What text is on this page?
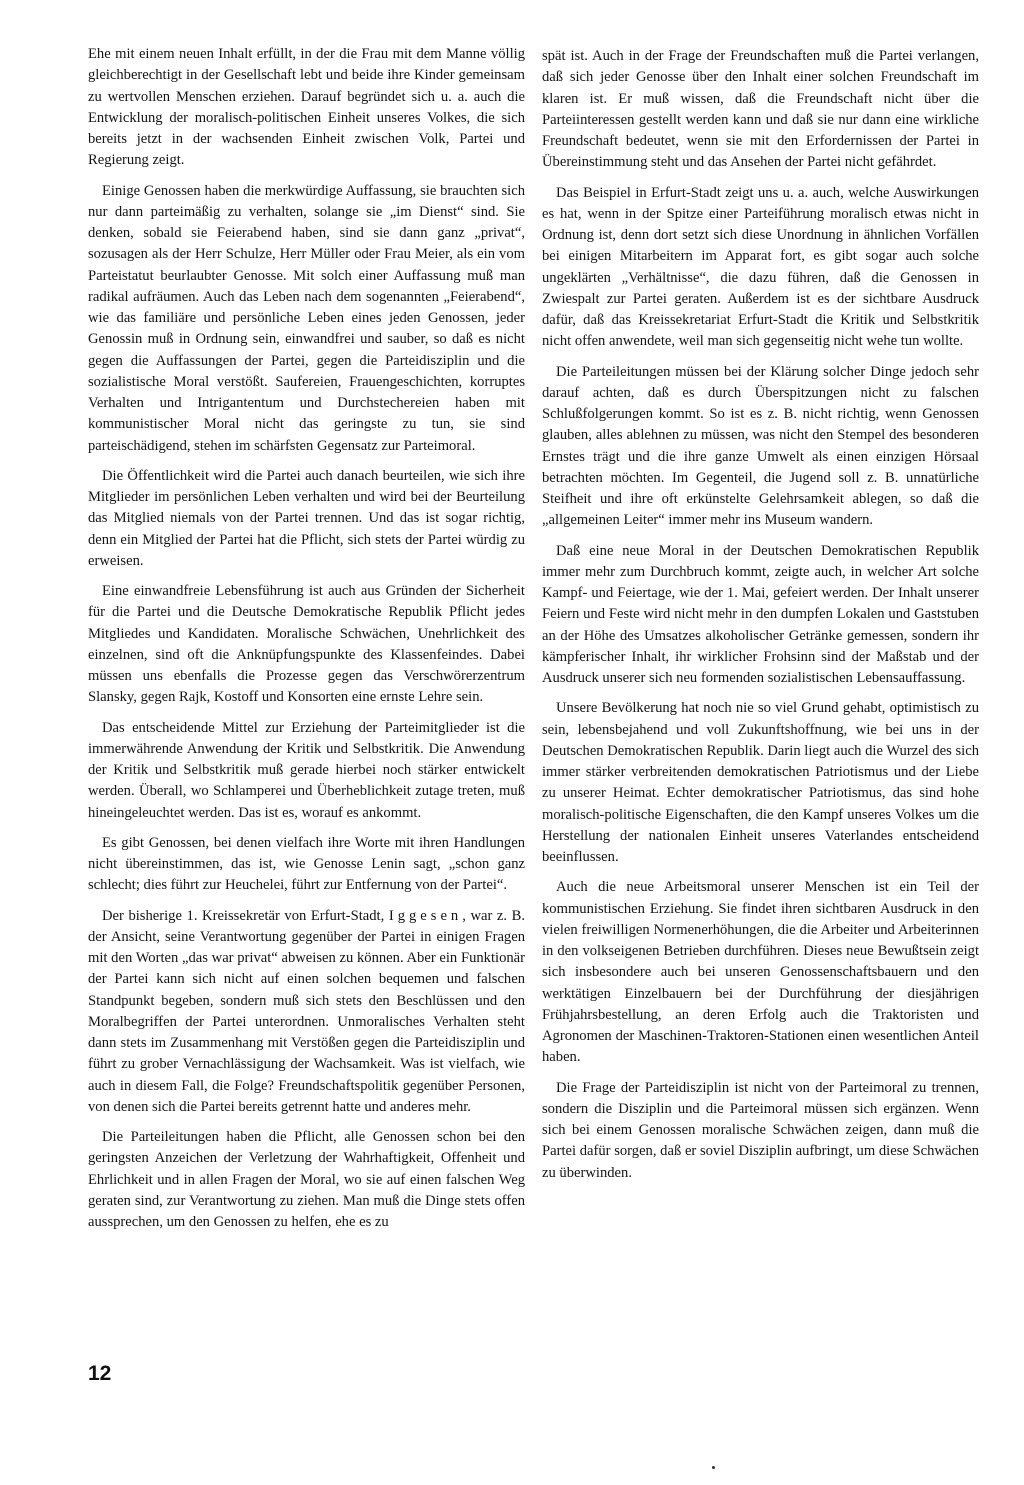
Ehe mit einem neuen Inhalt erfüllt, in der die Frau mit dem Manne völlig gleichberechtigt in der Gesellschaft lebt und beide ihre Kinder gemeinsam zu wertvollen Menschen erziehen. Darauf begründet sich u. a. auch die Entwicklung der moralisch-politischen Einheit unseres Volkes, die sich bereits jetzt in der wachsenden Einheit zwischen Volk, Partei und Regierung zeigt.

Einige Genossen haben die merkwürdige Auffassung, sie brauchten sich nur dann parteimäßig zu verhalten, solange sie „im Dienst“ sind. Sie denken, sobald sie Feierabend haben, sind sie dann ganz „privat“, sozusagen als der Herr Schulze, Herr Müller oder Frau Meier, als ein vom Parteistatut beurlaubter Genosse. Mit solch einer Auffassung muß man radikal aufräumen. Auch das Leben nach dem sogenannten „Feierabend“, wie das familiäre und persönliche Leben eines jeden Genossen, jeder Genossin muß in Ordnung sein, einwandfrei und sauber, so daß es nicht gegen die Auffassungen der Partei, gegen die Parteidisziplin und die sozialistische Moral verstößt. Saufereien, Frauengeschichten, korruptes Verhalten und Intrigantentum und Durchstechereien haben mit kommunistischer Moral nicht das geringste zu tun, sie sind parteischädigend, stehen im schärfsten Gegensatz zur Parteimoral.

Die Öffentlichkeit wird die Partei auch danach beurteilen, wie sich ihre Mitglieder im persönlichen Leben verhalten und wird bei der Beurteilung das Mitglied niemals von der Partei trennen. Und das ist sogar richtig, denn ein Mitglied der Partei hat die Pflicht, sich stets der Partei würdig zu erweisen.

Eine einwandfreie Lebensführung ist auch aus Gründen der Sicherheit für die Partei und die Deutsche Demokratische Republik Pflicht jedes Mitgliedes und Kandidaten. Moralische Schwächen, Unehrlichkeit des einzelnen, sind oft die Anknüpfungspunkte des Klassenfeindes. Dabei müssen uns ebenfalls die Prozesse gegen das Verschwörerzentrum Slansky, gegen Rajk, Kostoff und Konsorten eine ernste Lehre sein.

Das entscheidende Mittel zur Erziehung der Parteimitglieder ist die immerwährende Anwendung der Kritik und Selbstkritik. Die Anwendung der Kritik und Selbstkritik muß gerade hierbei noch stärker entwickelt werden. Überall, wo Schlamperei und Überheblichkeit zutage treten, muß hineingeleuchtet werden. Das ist es, worauf es ankommt.

Es gibt Genossen, bei denen vielfach ihre Worte mit ihren Handlungen nicht übereinstimmen, das ist, wie Genosse Lenin sagt, „schon ganz schlecht; dies führt zur Heuchelei, führt zur Entfernung von der Partei“.

Der bisherige 1. Kreissekretär von Erfurt-Stadt, Iggesen, war z. B. der Ansicht, seine Verantwortung gegenüber der Partei in einigen Fragen mit den Worten „das war privat“ abweisen zu können. Aber ein Funktionär der Partei kann sich nicht auf einen solchen bequemen und falschen Standpunkt begeben, sondern muß sich stets den Beschlüssen und den Moralbegriffen der Partei unterordnen. Unmoralisches Verhalten steht dann stets im Zusammenhang mit Verstößen gegen die Parteidisziplin und führt zu grober Vernachlässigung der Wachsamkeit. Was ist vielfach, wie auch in diesem Fall, die Folge? Freundschaftspolitik gegenüber Personen, von denen sich die Partei bereits getrennt hatte und anderes mehr.

Die Parteileitungen haben die Pflicht, alle Genossen schon bei den geringsten Anzeichen der Verletzung der Wahrhaftigkeit, Offenheit und Ehrlichkeit und in allen Fragen der Moral, wo sie auf einen falschen Weg geraten sind, zur Verantwortung zu ziehen. Man muß die Dinge stets offen aussprechen, um den Genossen zu helfen, ehe es zu

spät ist. Auch in der Frage der Freundschaften muß die Partei verlangen, daß sich jeder Genosse über den Inhalt einer solchen Freundschaft im klaren ist. Er muß wissen, daß die Freundschaft nicht über die Parteiinteressen gestellt werden kann und daß sie nur dann eine wirkliche Freundschaft bedeutet, wenn sie mit den Erfordernissen der Partei in Übereinstimmung steht und das Ansehen der Partei nicht gefährdet.

Das Beispiel in Erfurt-Stadt zeigt uns u. a. auch, welche Auswirkungen es hat, wenn in der Spitze einer Parteiführung moralisch etwas nicht in Ordnung ist, denn dort setzt sich diese Unordnung in ähnlichen Vorfällen bei einigen Mitarbeitern im Apparat fort, es gibt sogar auch solche ungeklärten „Verhältnisse“, die dazu führen, daß die Genossen in Zwiespalt zur Partei geraten. Außerdem ist es der sichtbare Ausdruck dafür, daß das Kreissekretariat Erfurt-Stadt die Kritik und Selbstkritik nicht offen anwendete, weil man sich gegenseitig nicht wehe tun wollte.

Die Parteileitungen müssen bei der Klärung solcher Dinge jedoch sehr darauf achten, daß es durch Überspitzungen nicht zu falschen Schlußfolgerungen kommt. So ist es z. B. nicht richtig, wenn Genossen glauben, alles ablehnen zu müssen, was nicht den Stempel des besonderen Ernstes trägt und die ihre ganze Umwelt als einen einzigen Hörsaal betrachten möchten. Im Gegenteil, die Jugend soll z. B. unnatürliche Steifheit und ihre oft erkünstelte Gelehrsamkeit ablegen, so daß die „allgemeinen Leiter“ immer mehr ins Museum wandern.

Daß eine neue Moral in der Deutschen Demokratischen Republik immer mehr zum Durchbruch kommt, zeigte auch, in welcher Art solche Kampf- und Feiertage, wie der 1. Mai, gefeiert werden. Der Inhalt unserer Feiern und Feste wird nicht mehr in den dumpfen Lokalen und Gaststuben an der Höhe des Umsatzes alkoholischer Getränke gemessen, sondern ihr kämpferischer Inhalt, ihr wirklicher Frohsinn sind der Maßstab und der Ausdruck unserer sich neu formenden sozialistischen Lebensauffassung.

Unsere Bevölkerung hat noch nie so viel Grund gehabt, optimistisch zu sein, lebensbejahend und voll Zukunftshoffnung, wie bei uns in der Deutschen Demokratischen Republik. Darin liegt auch die Wurzel des sich immer stärker verbreitenden demokratischen Patriotismus und der Liebe zu unserer Heimat. Echter demokratischer Patriotismus, das sind hohe moralisch-politische Eigenschaften, die den Kampf unseres Volkes um die Herstellung der nationalen Einheit unseres Vaterlandes entscheidend beeinflussen.

Auch die neue Arbeitsmoral unserer Menschen ist ein Teil der kommunistischen Erziehung. Sie findet ihren sichtbaren Ausdruck in den vielen freiwilligen Normenerhöhungen, die die Arbeiter und Arbeiterinnen in den volkseigenen Betrieben durchführen. Dieses neue Bewußtsein zeigt sich insbesondere auch bei unseren Genossenschaftsbauern und den werktätigen Einzelbauern bei der Durchführung der diesjährigen Frühjahrsbestellung, an deren Erfolg auch die Traktoristen und Agronomen der Maschinen-Traktoren-Stationen einen wesentlichen Anteil haben.

Die Frage der Parteidisziplin ist nicht von der Parteimoral zu trennen, sondern die Disziplin und die Parteimoral müssen sich ergänzen. Wenn sich bei einem Genossen moralische Schwächen zeigen, dann muß die Partei dafür sorgen, daß er soviel Disziplin aufbringt, um diese Schwächen zu überwinden.

12
